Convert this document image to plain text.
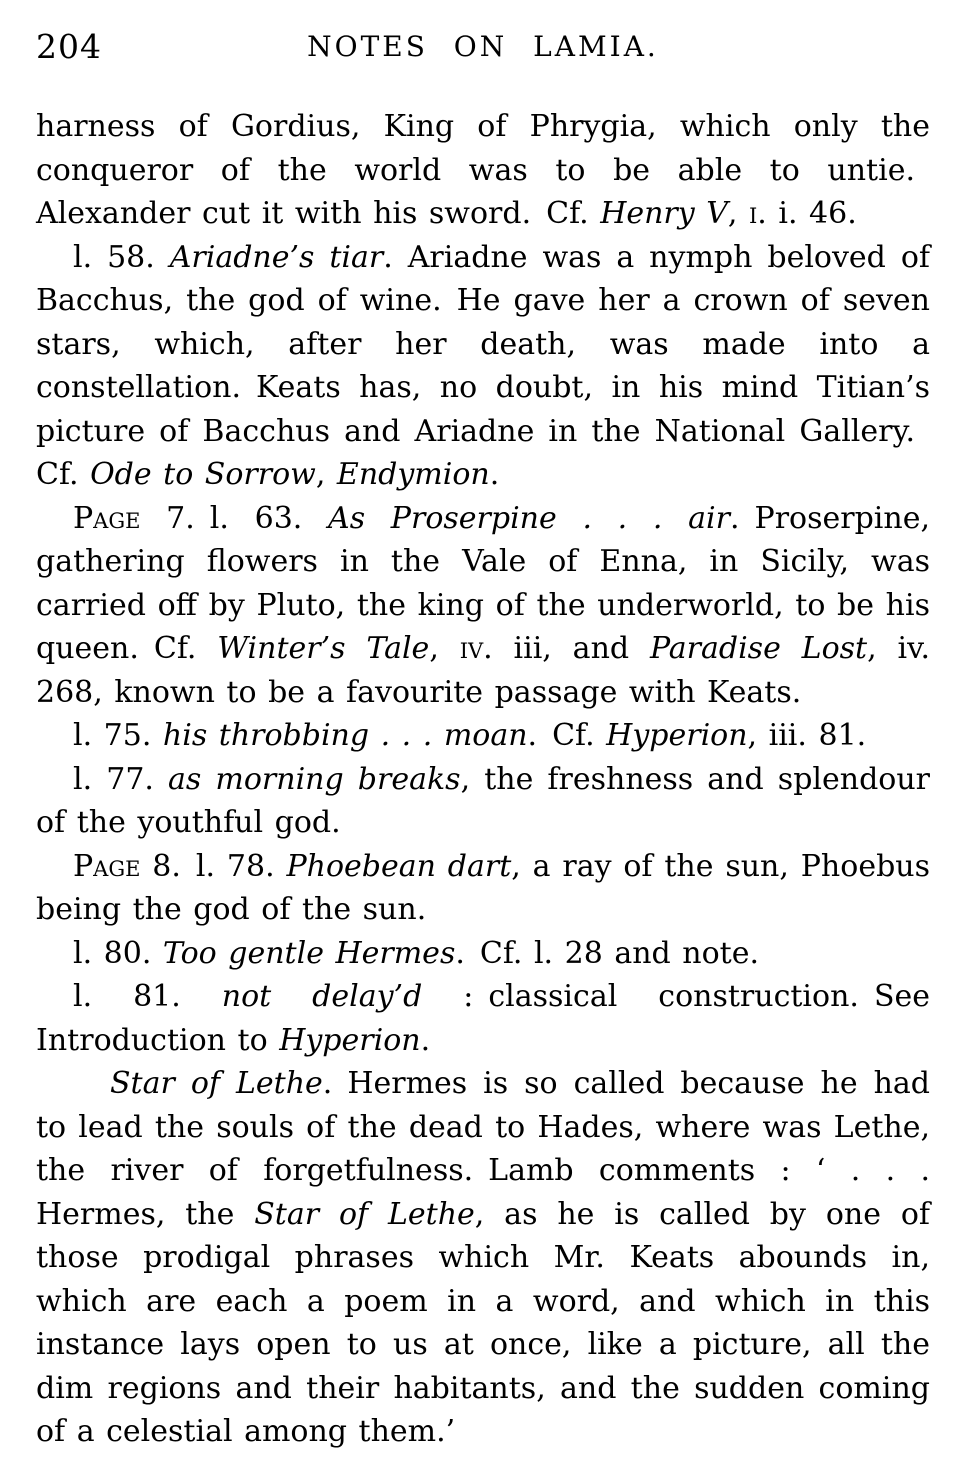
204	NOTES ON LAMIA.

harness of Gordius, King of Phrygia, which only the conqueror of the world was to be able to untie. Alexander cut it with his sword. Cf. Henry V, i. i. 46.

l. 58. Ariadne’s tiar. Ariadne was a nymph beloved of Bacchus, the god of wine. He gave her a crown of seven stars, which, after her death, was made into a constellation. Keats has, no doubt, in his mind Titian’s picture of Bacchus and Ariadne in the National Gallery. Cf. Ode to Sorrow, Endymion.

Page 7. l. 63. As Proserpine . . . air. Proserpine, gathering flowers in the Vale of Enna, in Sicily, was carried off by Pluto, the king of the underworld, to be his queen. Cf. Winter’s Tale, iv. iii, and Paradise Lost, iv. 268, known to be a favourite passage with Keats.

l. 75. his throbbing . . . moan. Cf. Hyperion, iii. 81.

l. 77. as morning breaks, the freshness and splendour of the youthful god.

Page 8. l. 78. Phoebean dart, a ray of the sun, Phoebus being the god of the sun.

l. 80. Too gentle Hermes. Cf. l. 28 and note.

l. 81. not delay’d : classical construction. See Introduction to Hyperion.

Star of Lethe. Hermes is so called because he had to lead the souls of the dead to Hades, where was Lethe, the river of forgetfulness. Lamb comments : ‘ . . . Hermes, the Star of Lethe, as he is called by one of those prodigal phrases which Mr. Keats abounds in, which are each a poem in a word, and which in this instance lays open to us at once, like a picture, all the dim regions and their habitants, and the sudden coming of a celestial among them.’
